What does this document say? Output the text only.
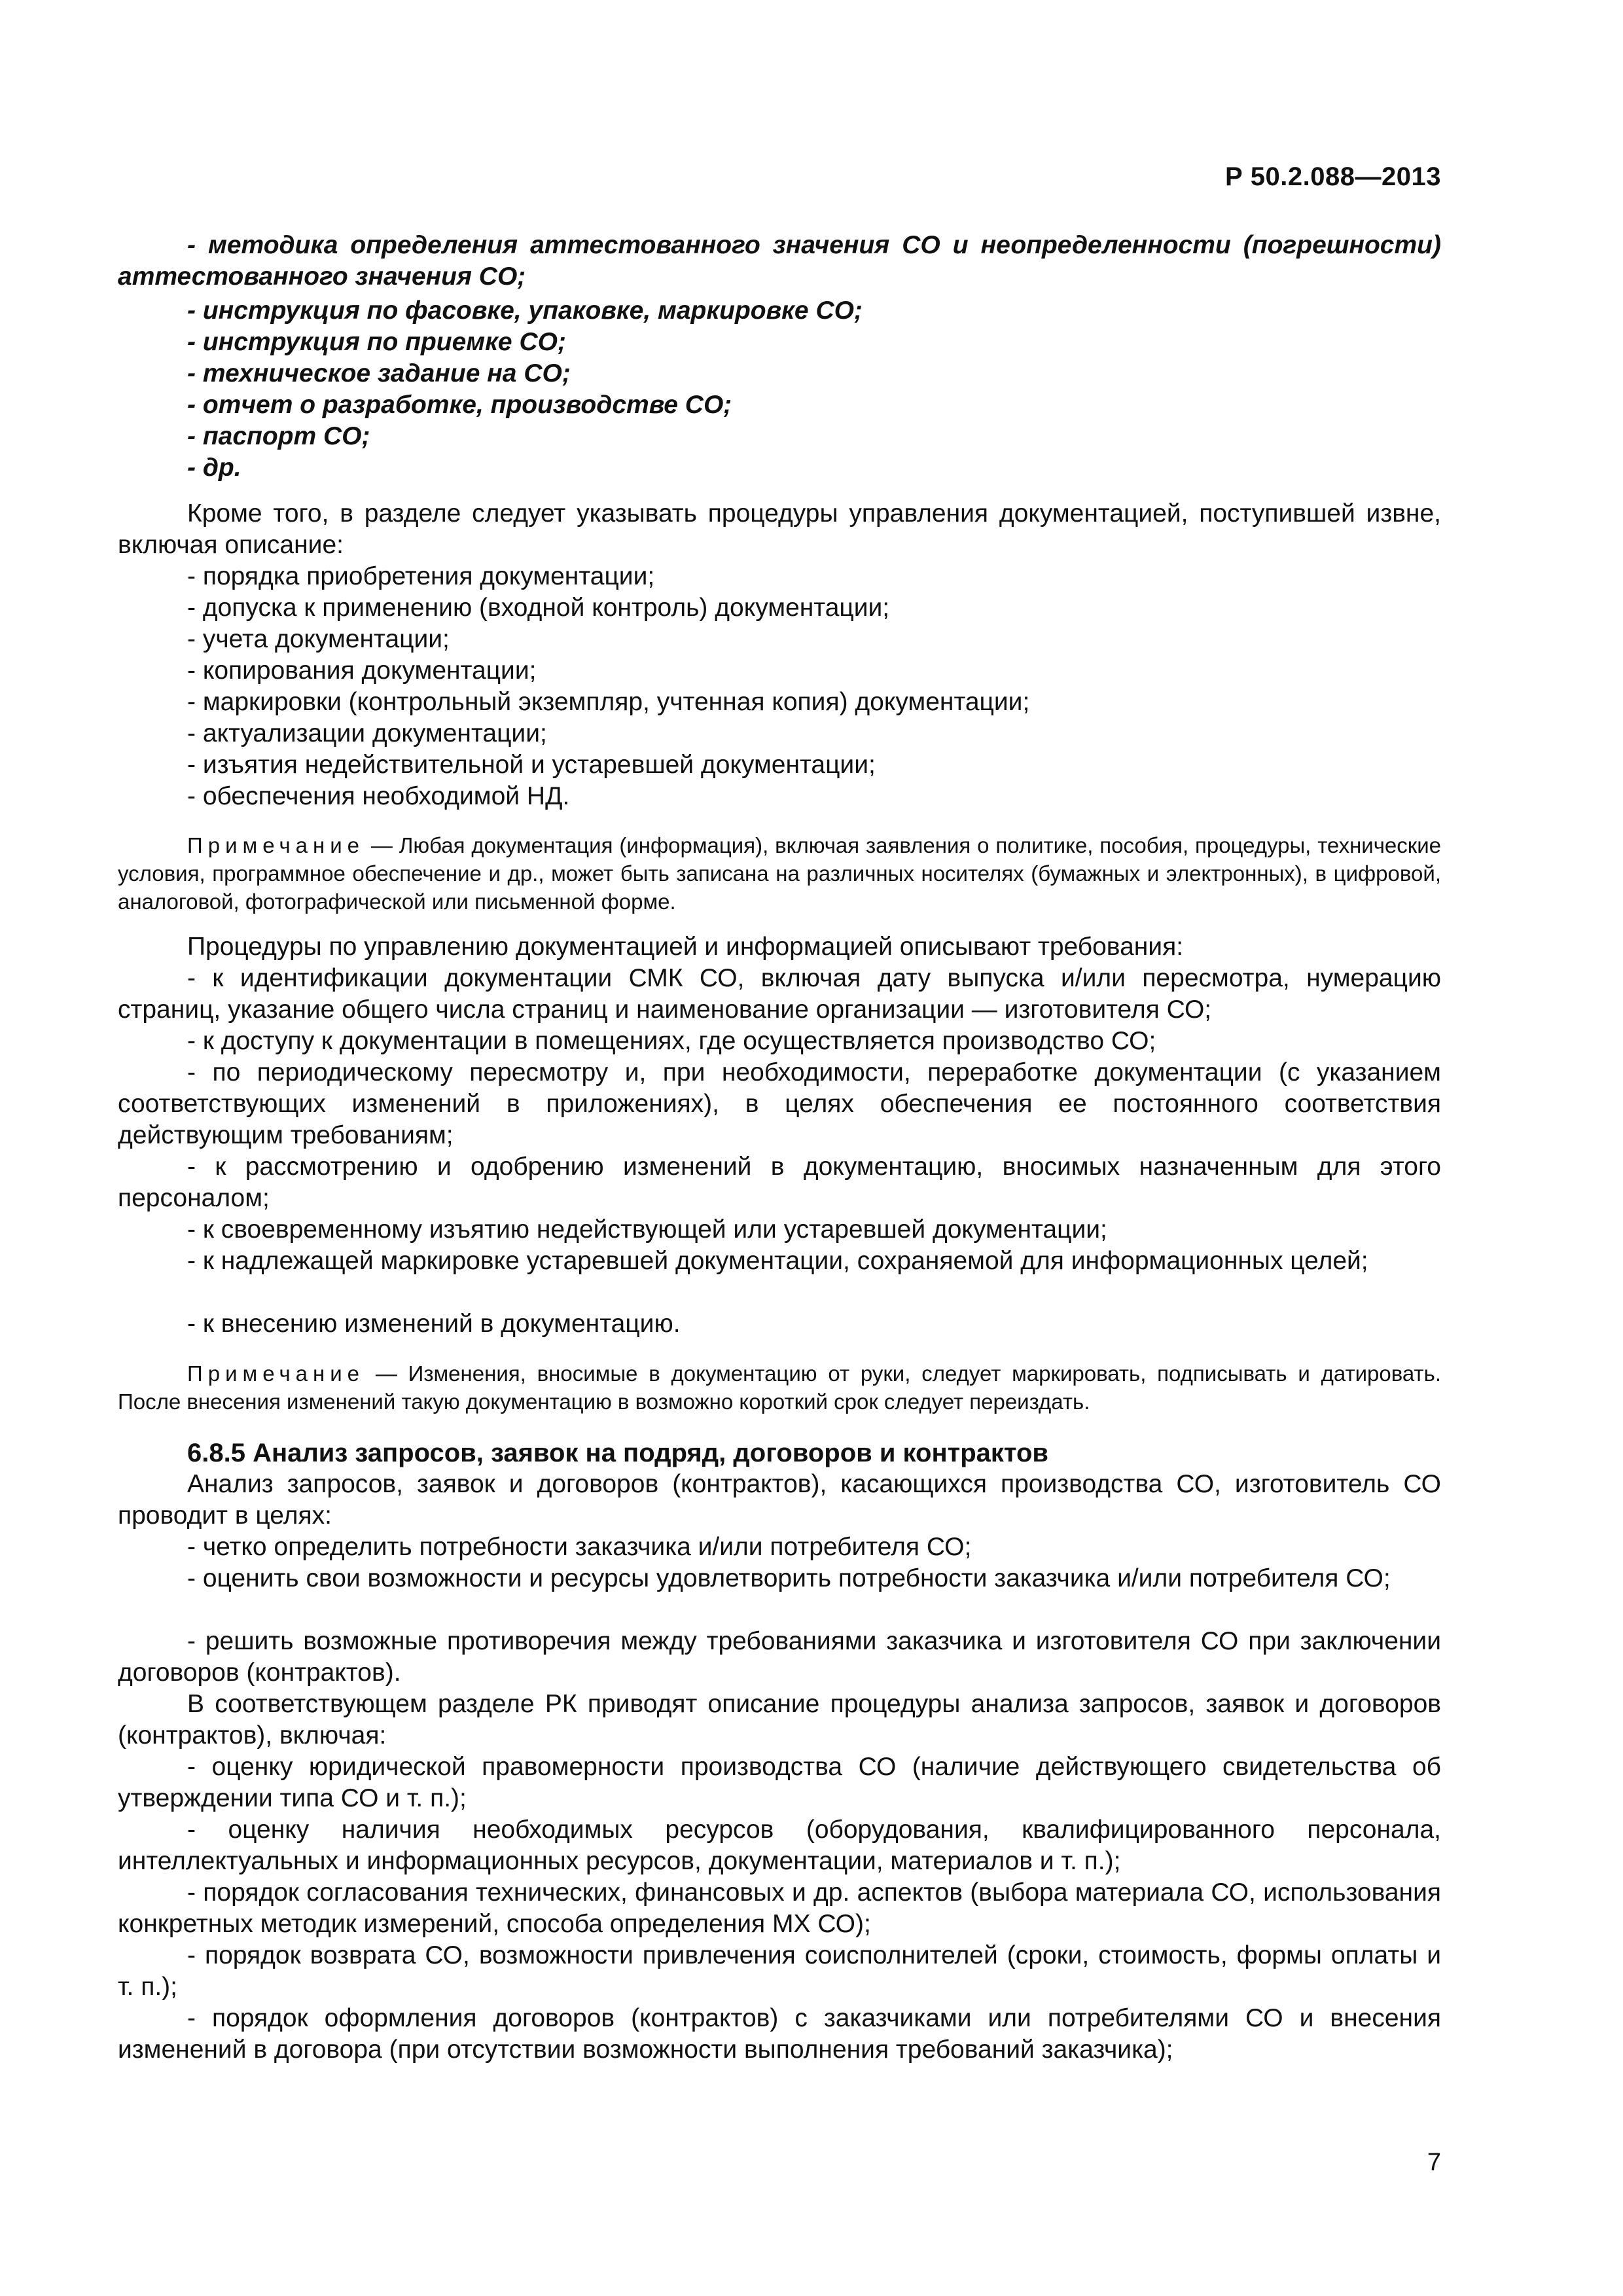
Р 50.2.088—2013

- методика определения аттестованного значения СО и неопределенности (погрешности) аттестованного значения СО;

- инструкция по фасовке, упаковке, маркировке СО;
- инструкция по приемке СО;
- техническое задание на СО;
- отчет о разработке, производстве СО;
- паспорт СО;
- др.

Кроме того, в разделе следует указывать процедуры управления документацией, поступившей извне, включая описание:

- порядка приобретения документации;
- допуска к применению (входной контроль) документации;
- учета документации;
- копирования документации;
- маркировки (контрольный экземпляр, учтенная копия) документации;
- актуализации документации;
- изъятия недействительной и устаревшей документации;
- обеспечения необходимой НД.
Примечание — Любая документация (информация), включая заявления о политике, пособия, процедуры, технические условия, программное обеспечение и др., может быть записана на различных носителях (бумажных и электронных), в цифровой, аналоговой, фотографической или письменной форме.

Процедуры по управлению документацией и информацией описывают требования:

- к идентификации документации СМК СО, включая дату выпуска и/или пересмотра, нумерацию страниц, указание общего числа страниц и наименование организации — изготовителя СО;

- к доступу к документации в помещениях, где осуществляется производство СО;

- по периодическому пересмотру и, при необходимости, переработке документации (с указанием соответствующих изменений в приложениях), в целях обеспечения ее постоянного соответствия действующим требованиям;

- к рассмотрению и одобрению изменений в документацию, вносимых назначенным для этого персоналом;

- к своевременному изъятию недействующей или устаревшей документации;

- к надлежащей маркировке устаревшей документации, сохраняемой для информационных целей;

- к внесению изменений в документацию.
Примечание — Изменения, вносимые в документацию от руки, следует маркировать, подписывать и датировать. После внесения изменений такую документацию в возможно короткий срок следует переиздать.
6.8.5 Анализ запросов, заявок на подряд, договоров и контрактов

Анализ запросов, заявок и договоров (контрактов), касающихся производства СО, изготовитель СО проводит в целях:

- четко определить потребности заказчика и/или потребителя СО;

- оценить свои возможности и ресурсы удовлетворить потребности заказчика и/или потребителя СО;

- решить возможные противоречия между требованиями заказчика и изготовителя СО при заключении договоров (контрактов).

В соответствующем разделе РК приводят описание процедуры анализа запросов, заявок и договоров (контрактов), включая:

- оценку юридической правомерности производства СО (наличие действующего свидетельства об утверждении типа СО и т. п.);

- оценку наличия необходимых ресурсов (оборудования, квалифицированного персонала, интеллектуальных и информационных ресурсов, документации, материалов и т. п.);

- порядок согласования технических, финансовых и др. аспектов (выбора материала СО, использования конкретных методик измерений, способа определения МХ СО);

- порядок возврата СО, возможности привлечения соисполнителей (сроки, стоимость, формы оплаты и т. п.);

- порядок оформления договоров (контрактов) с заказчиками или потребителями СО и внесения изменений в договора (при отсутствии возможности выполнения требований заказчика);

7
